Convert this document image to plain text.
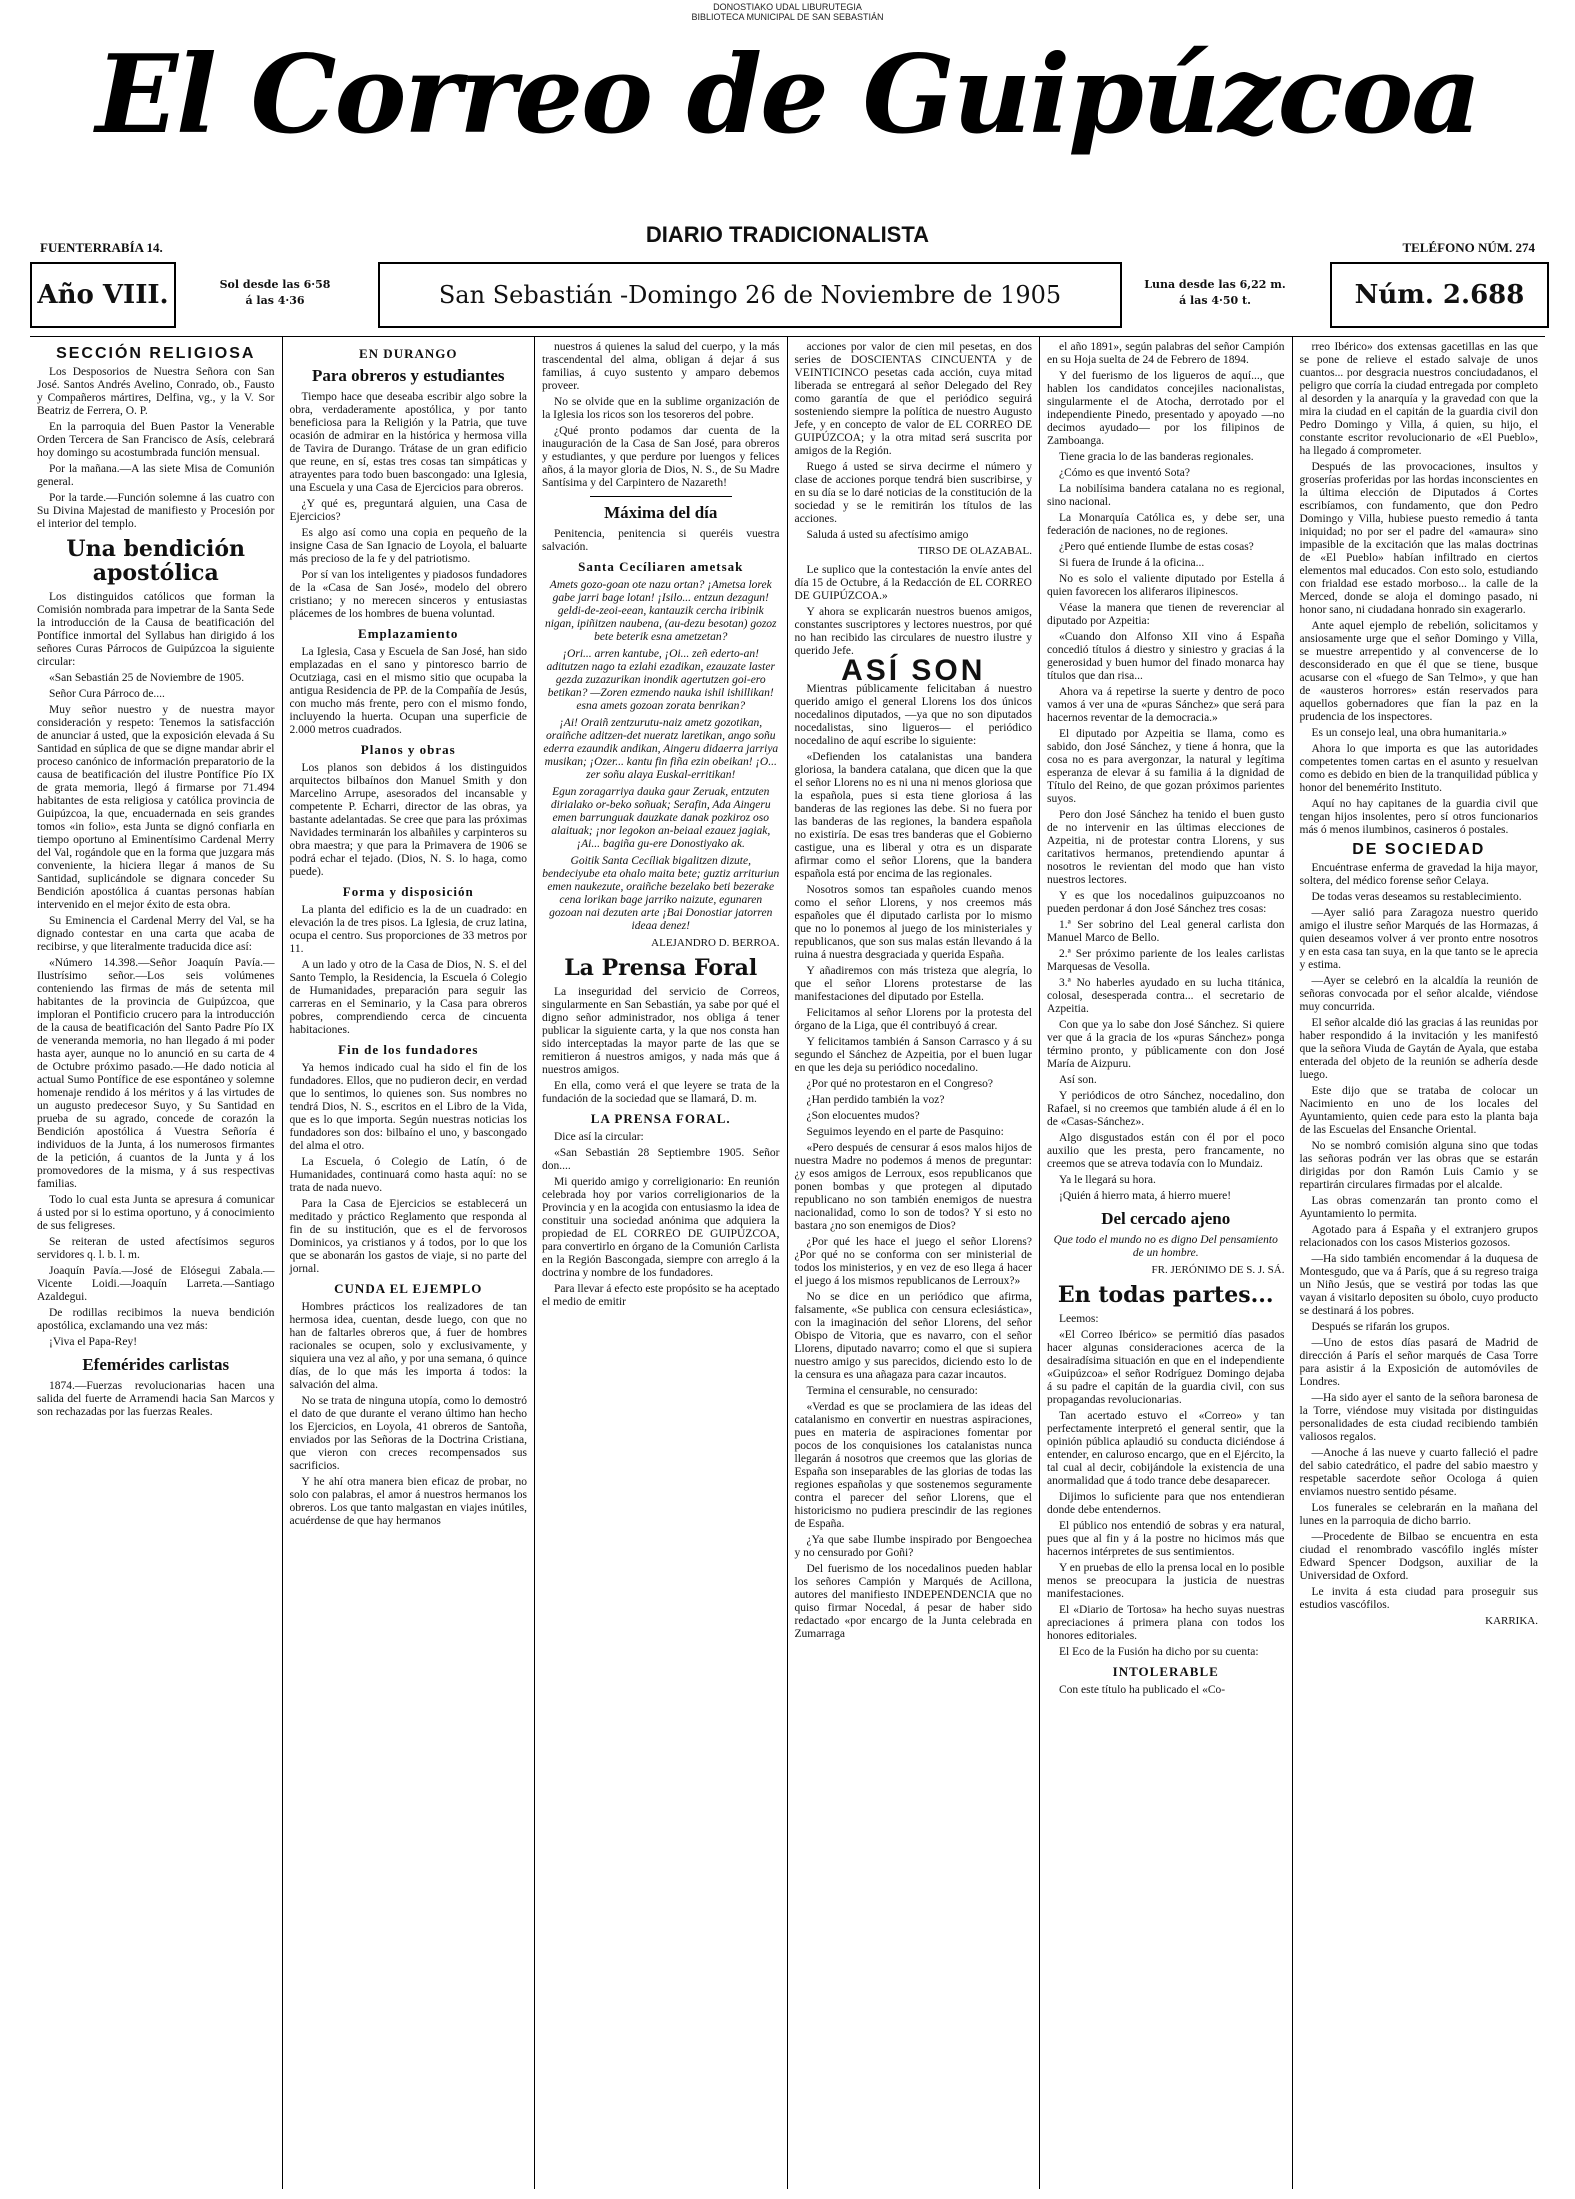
DONOSTIAKO UDAL LIBURUTEGIA
BIBLIOTECA MUNICIPAL DE SAN SEBASTIÁN
El Correo de Guipúzcoa
FUENTERRABÍA 14.
DIARIO TRADICIONALISTA
TELÉFONO NÚM. 274
Año VIII.	Sol desde las 6·58
á las 4·36	San Sebastián -Domingo 26 de Noviembre de 1905	Luna desde las 6,22 m.
á las 4·50 t.	Núm. 2.688
SECCIÓN RELIGIOSA

Los Desposorios de Nuestra Señora con San José. Santos Andrés Avelino, Conrado, ob., Fausto y Compañeros mártires, Delfina, vg., y la V. Sor Beatriz de Ferrera, O. P.

En la parroquia del Buen Pastor la Venerable Orden Tercera de San Francisco de Asís, celebrará hoy domingo su acostumbrada función mensual.

Por la mañana.—A las siete Misa de Comunión general.

Por la tarde.—Función solemne á las cuatro con Su Divina Majestad de manifiesto y Procesión por el interior del templo.

Una bendición apostólica

Los distinguidos católicos que forman la Comisión nombrada para impetrar de la Santa Sede la introducción de la Causa de beatificación del Pontífice inmortal del Syllabus han dirigido á los señores Curas Párrocos de Guipúzcoa la siguiente circular:

«San Sebastián 25 de Noviembre de 1905.

Señor Cura Párroco de....

Muy señor nuestro y de nuestra mayor consideración y respeto: Tenemos la satisfacción de anunciar á usted, que la exposición elevada á Su Santidad en súplica de que se digne mandar abrir el proceso canónico de información preparatorio de la causa de beatificación del ilustre Pontífice Pío IX de grata memoria, llegó á firmarse por 71.494 habitantes de esta religiosa y católica provincia de Guipúzcoa, la que, encuadernada en seis grandes tomos «in folio», esta Junta se dignó confiarla en tiempo oportuno al Eminentísimo Cardenal Merry del Val, rogándole que en la forma que juzgara más conveniente, la hiciera llegar á manos de Su Santidad, suplicándole se dignara conceder Su Bendición apostólica á cuantas personas habían intervenido en el mejor éxito de esta obra.

Su Eminencia el Cardenal Merry del Val, se ha dignado contestar en una carta que acaba de recibirse, y que literalmente traducida dice así:

«Número 14.398.—Señor Joaquín Pavía.—Ilustrísimo señor.—Los seis volúmenes conteniendo las firmas de más de setenta mil habitantes de la provincia de Guipúzcoa, que imploran el Pontificio crucero para la introducción de la causa de beatificación del Santo Padre Pío IX de veneranda memoria, no han llegado á mi poder hasta ayer, aunque no lo anunció en su carta de 4 de Octubre próximo pasado.—He dado noticia al actual Sumo Pontífice de ese espontáneo y solemne homenaje rendido á los méritos y á las virtudes de un augusto predecesor Suyo, y Su Santidad en prueba de su agrado, concede de corazón la Bendición apostólica á Vuestra Señoría é individuos de la Junta, á los numerosos firmantes de la petición, á cuantos de la Junta y á los promovedores de la misma, y á sus respectivas familias.

Todo lo cual esta Junta se apresura á comunicar á usted por si lo estima oportuno, y á conocimiento de sus feligreses.

Se reiteran de usted afectísimos seguros servidores q. l. b. l. m.

Joaquín Pavía.—José de Elósegui Zabala.—Vicente Loidi.—Joaquín Larreta.—Santiago Azaldegui.

De rodillas recibimos la nueva bendición apostólica, exclamando una vez más:

¡Viva el Papa-Rey!

Efemérides carlistas

1874.—Fuerzas revolucionarias hacen una salida del fuerte de Arramendi hacia San Marcos y son rechazadas por las fuerzas Reales.

EN DURANGO
Para obreros y estudiantes

Tiempo hace que deseaba escribir algo sobre la obra, verdaderamente apostólica, y por tanto beneficiosa para la Religión y la Patria, que tuve ocasión de admirar en la histórica y hermosa villa de Tavira de Durango. Trátase de un gran edificio que reune, en sí, estas tres cosas tan simpáticas y atrayentes para todo buen bascongado: una Iglesia, una Escuela y una Casa de Ejercicios para obreros.

¿Y qué es, preguntará alguien, una Casa de Ejercicios?

Es algo así como una copia en pequeño de la insigne Casa de San Ignacio de Loyola, el baluarte más precioso de la fe y del patriotismo.

Por sí van los inteligentes y piadosos fundadores de la «Casa de San José», modelo del obrero cristiano; y no merecen sinceros y entusiastas plácemes de los hombres de buena voluntad.

Emplazamiento

La Iglesia, Casa y Escuela de San José, han sido emplazadas en el sano y pintoresco barrio de Ocutziaga, casi en el mismo sitio que ocupaba la antigua Residencia de PP. de la Compañía de Jesús, con mucho más frente, pero con el mismo fondo, incluyendo la huerta. Ocupan una superficie de 2.000 metros cuadrados.

Planos y obras

Los planos son debidos á los distinguidos arquitectos bilbaínos don Manuel Smith y don Marcelino Arrupe, asesorados del incansable y competente P. Echarri, director de las obras, ya bastante adelantadas. Se cree que para las próximas Navidades terminarán los albañiles y carpinteros su obra maestra; y que para la Primavera de 1906 se podrá echar el tejado. (Dios, N. S. lo haga, como puede).

Forma y disposición

La planta del edificio es la de un cuadrado: en elevación la de tres pisos. La Iglesia, de cruz latina, ocupa el centro. Sus proporciones de 33 metros por 11.

A un lado y otro de la Casa de Dios, N. S. el del Santo Templo, la Residencia, la Escuela ó Colegio de Humanidades, preparación para seguir las carreras en el Seminario, y la Casa para obreros pobres, comprendiendo cerca de cincuenta habitaciones.

Fin de los fundadores

Ya hemos indicado cual ha sido el fin de los fundadores. Ellos, que no pudieron decir, en verdad que lo sentimos, lo quienes son. Sus nombres no tendrá Dios, N. S., escritos en el Libro de la Vida, que es lo que importa. Según nuestras noticias los fundadores son dos: bilbaíno el uno, y bascongado del alma el otro.

La Escuela, ó Colegio de Latín, ó de Humanidades, continuará como hasta aquí: no se trata de nada nuevo.

Para la Casa de Ejercicios se establecerá un meditado y práctico Reglamento que responda al fin de su institución, que es el de fervorosos Dominicos, ya cristianos y á todos, por lo que los que se abonarán los gastos de viaje, si no parte del jornal.

CUNDA EL EJEMPLO

Hombres prácticos los realizadores de tan hermosa idea, cuentan, desde luego, con que no han de faltarles obreros que, á fuer de hombres racionales se ocupen, solo y exclusivamente, y siquiera una vez al año, y por una semana, ó quince días, de lo que más les importa á todos: la salvación del alma.

No se trata de ninguna utopía, como lo demostró el dato de que durante el verano último han hecho los Ejercicios, en Loyola, 41 obreros de Santoña, enviados por las Señoras de la Doctrina Cristiana, que vieron con creces recompensados sus sacrificios.

Y he ahí otra manera bien eficaz de probar, no solo con palabras, el amor á nuestros hermanos los obreros. Los que tanto malgastan en viajes inútiles, acuérdense de que hay hermanos

nuestros á quienes la salud del cuerpo, y la más trascendental del alma, obligan á dejar á sus familias, á cuyo sustento y amparo debemos proveer.

No se olvide que en la sublime organización de la Iglesia los ricos son los tesoreros del pobre.

¿Qué pronto podamos dar cuenta de la inauguración de la Casa de San José, para obreros y estudiantes, y que perdure por luengos y felices años, á la mayor gloria de Dios, N. S., de Su Madre Santísima y del Carpintero de Nazareth!

Máxima del día

Penitencia, penitencia si queréis vuestra salvación.

Santa Cecíliaren ametsak

Amets gozo-goan ote nazu ortan? ¡Ametsa lorek gabe jarri bage lotan! ¡Isilo... entzun dezagun! geldi-de-zeoi-eean, kantauzik cercha iribinik nigan, ipiñitzen naubena, (au-dezu besotan) gozoz bete beterik esna ametzetan?

¡Ori... arren kantube, ¡Oi... zeñ ederto-an! aditutzen nago ta ezlahi ezadikan, ezauzate laster gezda zuzazurikan inondik agertutzen goi-ero betikan? —Zoren ezmendo nauka ishil ishillikan! esna amets gozoan zorata benrikan?

¡Ai! Oraiñ zentzurutu-naiz ametz gozotikan, oraiñche aditzen-det nueratz laretikan, ango soñu ederra ezaundik andikan, Aingeru didaerra jarriya musikan; ¡Ozer... kantu fin fiña ezin obeikan! ¡O... zer soñu alaya Euskal-erritikan!

Egun zoragarriya dauka gaur Zeruak, entzuten dirialako or-beko soñuak; Serafin, Ada Aingeru emen barrunguak dauzkate danak pozkiroz oso alaituak; ¡nor legokon an-beiaal ezauez jagiak, ¡Ai... bagiña gu-ere Donostiyako ak.

Goitik Santa Cecíliak bigalitzen dizute, bendeciyube eta ohalo maita bete; guztiz arrituriun emen naukezute, oraiñche bezelako beti bezerake cena lorikan bage jarriko naizute, egunaren gozoan nai dezuten arte ¡Bai Donostiar jatorren ideaa denez!

ALEJANDRO D. BERROA.
La Prensa Foral

La inseguridad del servicio de Correos, singularmente en San Sebastián, ya sabe por qué el digno señor administrador, nos obliga á tener publicar la siguiente carta, y la que nos consta han sido interceptadas la mayor parte de las que se remitieron á nuestros amigos, y nada más que á nuestros amigos.

En ella, como verá el que leyere se trata de la fundación de la sociedad que se llamará, D. m.

LA PRENSA FORAL.

Dice así la circular:

«San Sebastián 28 Septiembre 1905. Señor don....

Mi querido amigo y correligionario: En reunión celebrada hoy por varios correligionarios de la Provincia y en la acogida con entusiasmo la idea de constituir una sociedad anónima que adquiera la propiedad de EL CORREO DE GUIPÚZCOA, para convertirlo en órgano de la Comunión Carlista en la Región Bascongada, siempre con arreglo á la doctrina y nombre de los fundadores.

Para llevar á efecto este propósito se ha aceptado el medio de emitir

acciones por valor de cien mil pesetas, en dos series de DOSCIENTAS CINCUENTA y de VEINTICINCO pesetas cada acción, cuya mitad liberada se entregará al señor Delegado del Rey como garantía de que el periódico seguirá sosteniendo siempre la política de nuestro Augusto Jefe, y en concepto de valor de EL CORREO DE GUIPÚZCOA; y la otra mitad será suscrita por amigos de la Región.

Ruego á usted se sirva decirme el número y clase de acciones porque tendrá bien suscribirse, y en su día se lo daré noticias de la constitución de la sociedad y se le remitirán los títulos de las acciones.

Saluda á usted su afectísimo amigo

TIRSO DE OLAZABAL.

Le suplico que la contestación la envíe antes del día 15 de Octubre, á la Redacción de EL CORREO DE GUIPÚZCOA.»

Y ahora se explicarán nuestros buenos amigos, constantes suscriptores y lectores nuestros, por qué no han recibido las circulares de nuestro ilustre y querido Jefe.

ASÍ SON

Mientras públicamente felicitaban á nuestro querido amigo el general Llorens los dos únicos nocedalinos diputados, —ya que no son diputados nocedalistas, sino ligueros— el periódico nocedalino de aquí escribe lo siguiente:

«Defienden los catalanistas una bandera gloriosa, la bandera catalana, que dicen que la que el señor Llorens no es ni una ni menos gloriosa que la española, pues si esta tiene gloriosa á las banderas de las regiones las debe. Si no fuera por las banderas de las regiones, la bandera española no existiría. De esas tres banderas que el Gobierno castigue, una es liberal y otra es un disparate afirmar como el señor Llorens, que la bandera española está por encima de las regionales.

Nosotros somos tan españoles cuando menos como el señor Llorens, y nos creemos más españoles que él diputado carlista por lo mismo que no lo ponemos al juego de los ministeriales y republicanos, que son sus malas están llevando á la ruina á nuestra desgraciada y querida España.

Y añadiremos con más tristeza que alegría, lo que el señor Llorens protestarse de las manifestaciones del diputado por Estella.

Felicitamos al señor Llorens por la protesta del órgano de la Liga, que él contribuyó á crear.

Y felicitamos también á Sanson Carrasco y á su segundo el Sánchez de Azpeitia, por el buen lugar en que les deja su periódico nocedalino.

¿Por qué no protestaron en el Congreso?

¿Han perdido también la voz?

¿Son elocuentes mudos?

Seguimos leyendo en el parte de Pasquino:

«Pero después de censurar á esos malos hijos de nuestra Madre no podemos á menos de preguntar: ¿y esos amigos de Lerroux, esos republicanos que ponen bombas y que protegen al diputado republicano no son también enemigos de nuestra nacionalidad, como lo son de todos? Y si esto no bastara ¿no son enemigos de Dios?

¿Por qué les hace el juego el señor Llorens? ¿Por qué no se conforma con ser ministerial de todos los ministerios, y en vez de eso llega á hacer el juego á los mismos republicanos de Lerroux?»

No se dice en un periódico que afirma, falsamente, «Se publica con censura eclesiástica», con la imaginación del señor Llorens, del señor Obispo de Vitoria, que es navarro, con el señor Llorens, diputado navarro; como el que si supiera nuestro amigo y sus parecidos, diciendo esto lo de la censura es una añagaza para cazar incautos.

Termina el censurable, no censurado:

«Verdad es que se proclamiera de las ideas del catalanismo en convertir en nuestras aspiraciones, pues en materia de aspiraciones fomentar por pocos de los conquisiones los catalanistas nunca llegarán á nosotros que creemos que las glorias de España son inseparables de las glorias de todas las regiones españolas y que sostenemos seguramente contra el parecer del señor Llorens, que el historicismo no pudiera prescindir de las regiones de España.

¿Ya que sabe Ilumbe inspirado por Bengoechea y no censurado por Goñi?

Del fuerismo de los nocedalinos pueden hablar los señores Campión y Marqués de Acillona, autores del manifiesto INDEPENDENCIA que no quiso firmar Nocedal, á pesar de haber sido redactado «por encargo de la Junta celebrada en Zumarraga

el año 1891», según palabras del señor Campión en su Hoja suelta de 24 de Febrero de 1894.

Y del fuerismo de los ligueros de aquí..., que hablen los candidatos concejiles nacionalistas, singularmente el de Atocha, derrotado por el independiente Pinedo, presentado y apoyado —no decimos ayudado— por los filipinos de Zamboanga.

Tiene gracia lo de las banderas regionales.

¿Cómo es que inventó Sota?

La nobilísima bandera catalana no es regional, sino nacional.

La Monarquía Católica es, y debe ser, una federación de naciones, no de regiones.

¿Pero qué entiende Ilumbe de estas cosas?

Si fuera de Irunde á la oficina...

No es solo el valiente diputado por Estella á quien favorecen los aliferaros ilipinescos.

Véase la manera que tienen de reverenciar al diputado por Azpeitia:

«Cuando don Alfonso XII vino á España concedió títulos á diestro y siniestro y gracias á la generosidad y buen humor del finado monarca hay títulos que dan risa...

Ahora va á repetirse la suerte y dentro de poco vamos á ver una de «puras Sánchez» que será para hacernos reventar de la democracia.»

El diputado por Azpeitia se llama, como es sabido, don José Sánchez, y tiene á honra, que la cosa no es para avergonzar, la natural y legítima esperanza de elevar á su familia á la dignidad de Título del Reino, de que gozan próximos parientes suyos.

Pero don José Sánchez ha tenido el buen gusto de no intervenir en las últimas elecciones de Azpeitia, ni de protestar contra Llorens, y sus caritativos hermanos, pretendiendo apuntar á nosotros le revientan del modo que han visto nuestros lectores.

Y es que los nocedalinos guipuzcoanos no pueden perdonar á don José Sánchez tres cosas:

1.ª Ser sobrino del Leal general carlista don Manuel Marco de Bello.

2.ª Ser próximo pariente de los leales carlistas Marquesas de Vesolla.

3.ª No haberles ayudado en su lucha titánica, colosal, desesperada contra... el secretario de Azpeitia.

Con que ya lo sabe don José Sánchez. Si quiere ver que á la gracia de los «puras Sánchez» ponga término pronto, y públicamente con don José María de Aizpuru.

Así son.

Y periódicos de otro Sánchez, nocedalino, don Rafael, si no creemos que también alude á él en lo de «Casas-Sánchez».

Algo disgustados están con él por el poco auxilio que les presta, pero francamente, no creemos que se atreva todavía con lo Mundaiz.

Ya le llegará su hora.

¡Quién á hierro mata, á hierro muere!

Del cercado ajeno

Que todo el mundo no es digno Del pensamiento de un hombre.

FR. JERÓNIMO DE S. J. SÁ.
En todas partes...

Leemos:

«El Correo Ibérico» se permitió días pasados hacer algunas consideraciones acerca de la desairadísima situación en que en el independiente «Guipúzcoa» el señor Rodríguez Domingo dejaba á su padre el capitán de la guardia civil, con sus propagandas revolucionarias.

Tan acertado estuvo el «Correo» y tan perfectamente interpretó el general sentir, que la opinión pública aplaudió su conducta diciéndose á entender, en caluroso encargo, que en el Ejército, la tal cual al decir, cobijándole la existencia de una anormalidad que á todo trance debe desaparecer.

Dijimos lo suficiente para que nos entendieran donde debe entendernos.

El público nos entendió de sobras y era natural, pues que al fin y á la postre no hicimos más que hacernos intérpretes de sus sentimientos.

Y en pruebas de ello la prensa local en lo posible menos se preocupara la justicia de nuestras manifestaciones.

El «Diario de Tortosa» ha hecho suyas nuestras apreciaciones á primera plana con todos los honores editoriales.

El Eco de la Fusión ha dicho por su cuenta:

INTOLERABLE

Con este título ha publicado el «Co-

rreo Ibérico» dos extensas gacetillas en las que se pone de relieve el estado salvaje de unos cuantos... por desgracia nuestros conciudadanos, el peligro que corría la ciudad entregada por completo al desorden y la anarquía y la gravedad con que la mira la ciudad en el capitán de la guardia civil don Pedro Domingo y Villa, á quien, su hijo, el constante escritor revolucionario de «El Pueblo», ha llegado á comprometer.

Después de las provocaciones, insultos y groserías proferidas por las hordas inconscientes en la última elección de Diputados á Cortes escribíamos, con fundamento, que don Pedro Domingo y Villa, hubiese puesto remedio á tanta iniquidad; no por ser el padre del «amaura» sino impasible de la excitación que las malas doctrinas de «El Pueblo» habían infiltrado en ciertos elementos mal educados. Con esto solo, estudiando con frialdad ese estado morboso... la calle de la Merced, donde se aloja el domingo pasado, ni honor sano, ni ciudadana honrado sin exagerarlo.

Ante aquel ejemplo de rebelión, solicitamos y ansiosamente urge que el señor Domingo y Villa, se muestre arrepentido y al convencerse de lo desconsiderado en que él que se tiene, busque acusarse con el «fuego de San Telmo», y que han de «austeros horrores» están reservados para aquellos gobernadores que fían la paz en la prudencia de los inspectores.

Es un consejo leal, una obra humanitaria.»

Ahora lo que importa es que las autoridades competentes tomen cartas en el asunto y resuelvan como es debido en bien de la tranquilidad pública y honor del benemérito Instituto.

Aquí no hay capitanes de la guardia civil que tengan hijos insolentes, pero sí otros funcionarios más ó menos ilumbinos, casineros ó postales.

DE SOCIEDAD

Encuéntrase enferma de gravedad la hija mayor, soltera, del médico forense señor Celaya.

De todas veras deseamos su restablecimiento.

—Ayer salió para Zaragoza nuestro querido amigo el ilustre señor Marqués de las Hormazas, á quien deseamos volver á ver pronto entre nosotros y en esta casa tan suya, en la que tanto se le aprecia y estima.

—Ayer se celebró en la alcaldía la reunión de señoras convocada por el señor alcalde, viéndose muy concurrida.

El señor alcalde dió las gracias á las reunidas por haber respondido á la invitación y les manifestó que la señora Viuda de Gaytán de Ayala, que estaba enterada del objeto de la reunión se adhería desde luego.

Este dijo que se trataba de colocar un Nacimiento en uno de los locales del Ayuntamiento, quien cede para esto la planta baja de las Escuelas del Ensanche Oriental.

No se nombró comisión alguna sino que todas las señoras podrán ver las obras que se estarán dirigidas por don Ramón Luis Camio y se repartirán circulares firmadas por el alcalde.

Las obras comenzarán tan pronto como el Ayuntamiento lo permita.

Agotado para á España y el extranjero grupos relacionados con los casos Misterios gozosos.

—Ha sido también encomendar á la duquesa de Montesgudo, que va á París, que á su regreso traiga un Niño Jesús, que se vestirá por todas las que vayan á visitarlo depositen su óbolo, cuyo producto se destinará á los pobres.

Después se rifarán los grupos.

—Uno de estos días pasará de Madrid de dirección á París el señor marqués de Casa Torre para asistir á la Exposición de automóviles de Londres.

—Ha sido ayer el santo de la señora baronesa de la Torre, viéndose muy visitada por distinguidas personalidades de esta ciudad recibiendo también valiosos regalos.

—Anoche á las nueve y cuarto falleció el padre del sabio catedrático, el padre del sabio maestro y respetable sacerdote señor Ocologa á quien enviamos nuestro sentido pésame.

Los funerales se celebrarán en la mañana del lunes en la parroquia de dicho barrio.

—Procedente de Bilbao se encuentra en esta ciudad el renombrado vascófilo inglés míster Edward Spencer Dodgson, auxiliar de la Universidad de Oxford.

Le invita á esta ciudad para proseguir sus estudios vascófilos.

KARRIKA.
